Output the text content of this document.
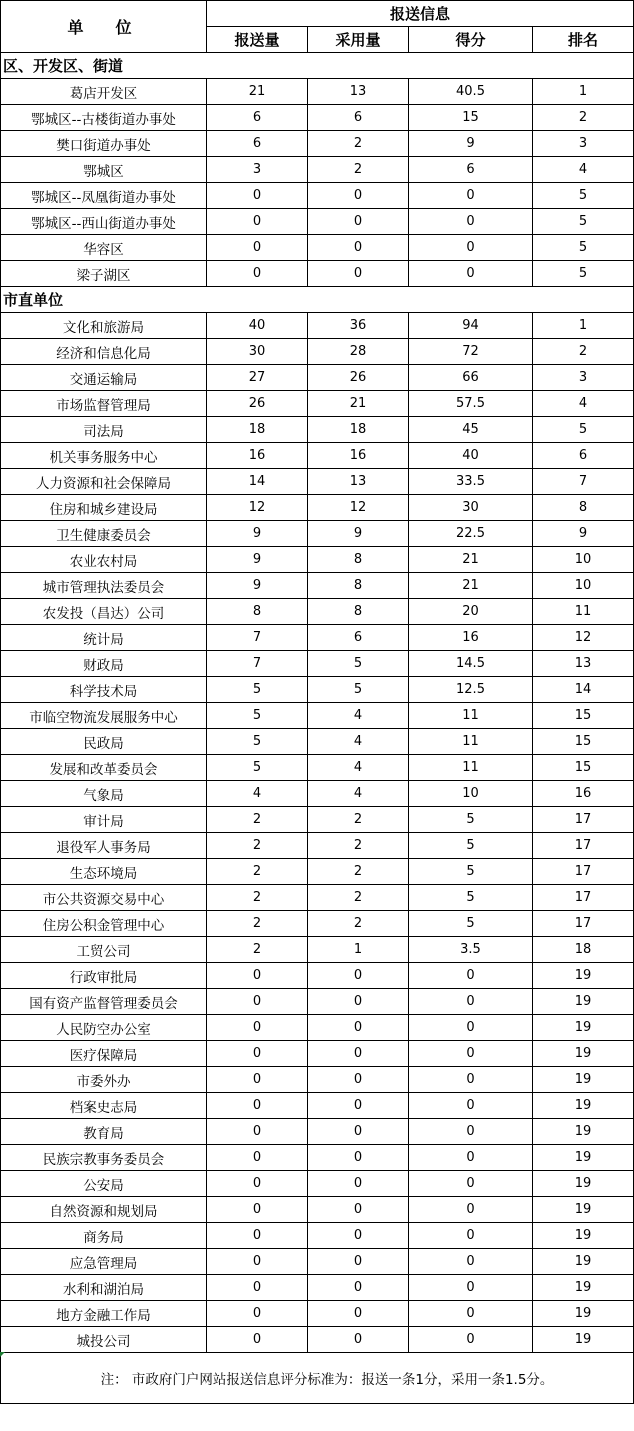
单　位	报送信息			
	报送量	采用量	得分	排名
区、开发区、街道				
葛店开发区	21	13	40.5	1
鄂城区--古楼街道办事处	6	6	15	2
樊口街道办事处	6	2	9	3
鄂城区	3	2	6	4
鄂城区--凤凰街道办事处	0	0	0	5
鄂城区--西山街道办事处	0	0	0	5
华容区	0	0	0	5
梁子湖区	0	0	0	5
市直单位				
文化和旅游局	40	36	94	1
经济和信息化局	30	28	72	2
交通运输局	27	26	66	3
市场监督管理局	26	21	57.5	4
司法局	18	18	45	5
机关事务服务中心	16	16	40	6
人力资源和社会保障局	14	13	33.5	7
住房和城乡建设局	12	12	30	8
卫生健康委员会	9	9	22.5	9
农业农村局	9	8	21	10
城市管理执法委员会	9	8	21	10
农发投（昌达）公司	8	8	20	11
统计局	7	6	16	12
财政局	7	5	14.5	13
科学技术局	5	5	12.5	14
市临空物流发展服务中心	5	4	11	15
民政局	5	4	11	15
发展和改革委员会	5	4	11	15
气象局	4	4	10	16
审计局	2	2	5	17
退役军人事务局	2	2	5	17
生态环境局	2	2	5	17
市公共资源交易中心	2	2	5	17
住房公积金管理中心	2	2	5	17
工贸公司	2	1	3.5	18
行政审批局	0	0	0	19
国有资产监督管理委员会	0	0	0	19
人民防空办公室	0	0	0	19
医疗保障局	0	0	0	19
市委外办	0	0	0	19
档案史志局	0	0	0	19
教育局	0	0	0	19
民族宗教事务委员会	0	0	0	19
公安局	0	0	0	19
自然资源和规划局	0	0	0	19
商务局	0	0	0	19
应急管理局	0	0	0	19
水利和湖泊局	0	0	0	19
地方金融工作局	0	0	0	19
城投公司	0	0	0	19
注： 市政府门户网站报送信息评分标准为：报送一条1分，采用一条1.5分。				
